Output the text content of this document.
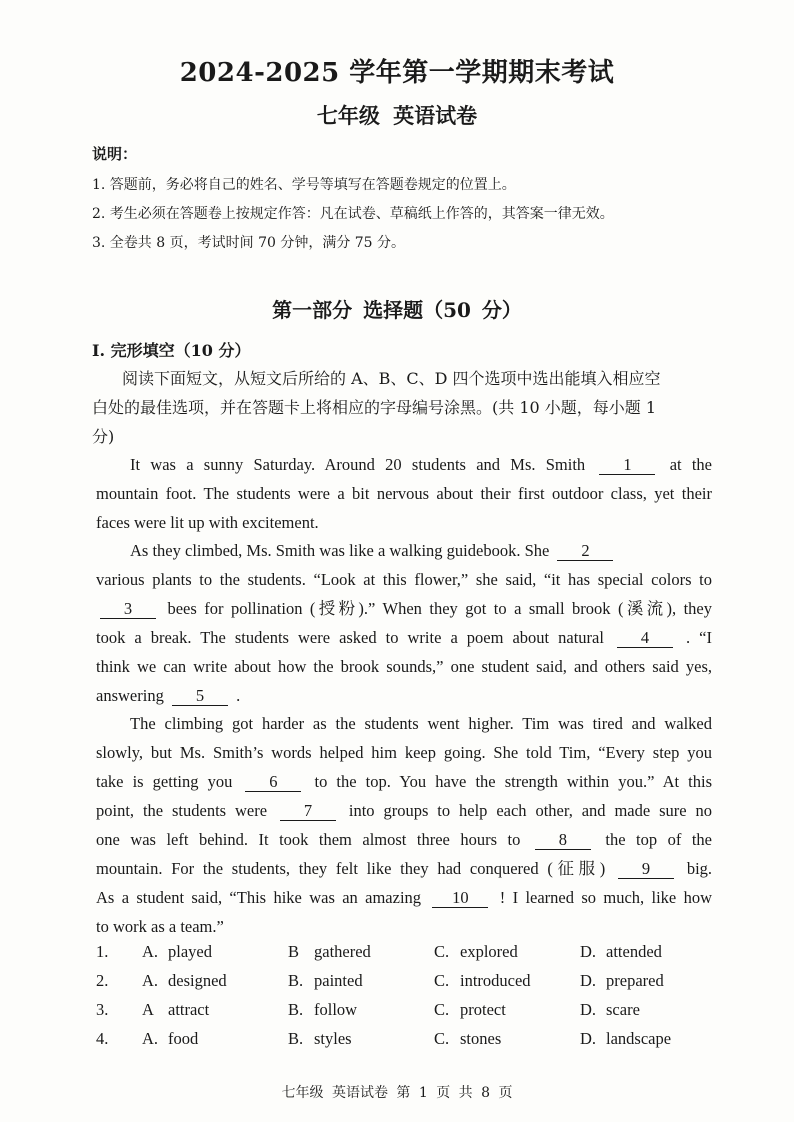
2024-2025 学年第一学期期末考试
七年级 英语试卷
说明：
1. 答题前，务必将自己的姓名、学号等填写在答题卷规定的位置上。
2. 考生必须在答题卷上按规定作答：凡在试卷、草稿纸上作答的，其答案一律无效。
3. 全卷共 8 页，考试时间 70 分钟，满分 75 分。
第一部分 选择题（50 分）
I. 完形填空（10 分）
阅读下面短文，从短文后所给的 A、B、C、D 四个选项中选出能填入相应空
白处的最佳选项，并在答题卡上将相应的字母编号涂黑。(共 10 小题，每小题 1
分)
It was a sunny Saturday. Around 20 students and Ms. Smith 1 at the
mountain foot. The students were a bit nervous about their first outdoor class, yet their
faces were lit up with excitement.
As they climbed, Ms. Smith was like a walking guidebook. She 2
various plants to the students. “Look at this flower,” she said, “it has special colors to
3 bees for pollination (授粉).” When they got to a small brook (溪流), they
took a break. The students were asked to write a poem about natural 4 . “I
think we can write about how the brook sounds,” one student said, and others said yes,
answering 5 .
The climbing got harder as the students went higher. Tim was tired and walked
slowly, but Ms. Smith’s words helped him keep going. She told Tim, “Every step you
take is getting you 6 to the top. You have the strength within you.” At this
point, the students were 7 into groups to help each other, and made sure no
one was left behind. It took them almost three hours to 8 the top of the
mountain. For the students, they felt like they had conquered (征服) 9 big.
As a student said, “This hike was an amazing 10 ! I learned so much, like how
to work as a team.”
1. A. played	B gathered	C. explored	D. attended
2. A. designed	B. painted	C. introduced	D. prepared
3. A attract	B. follow	C. protect	D. scare
4. A. food	B. styles	C. stones	D. landscape
七年级 英语试卷 第 1 页 共 8 页
